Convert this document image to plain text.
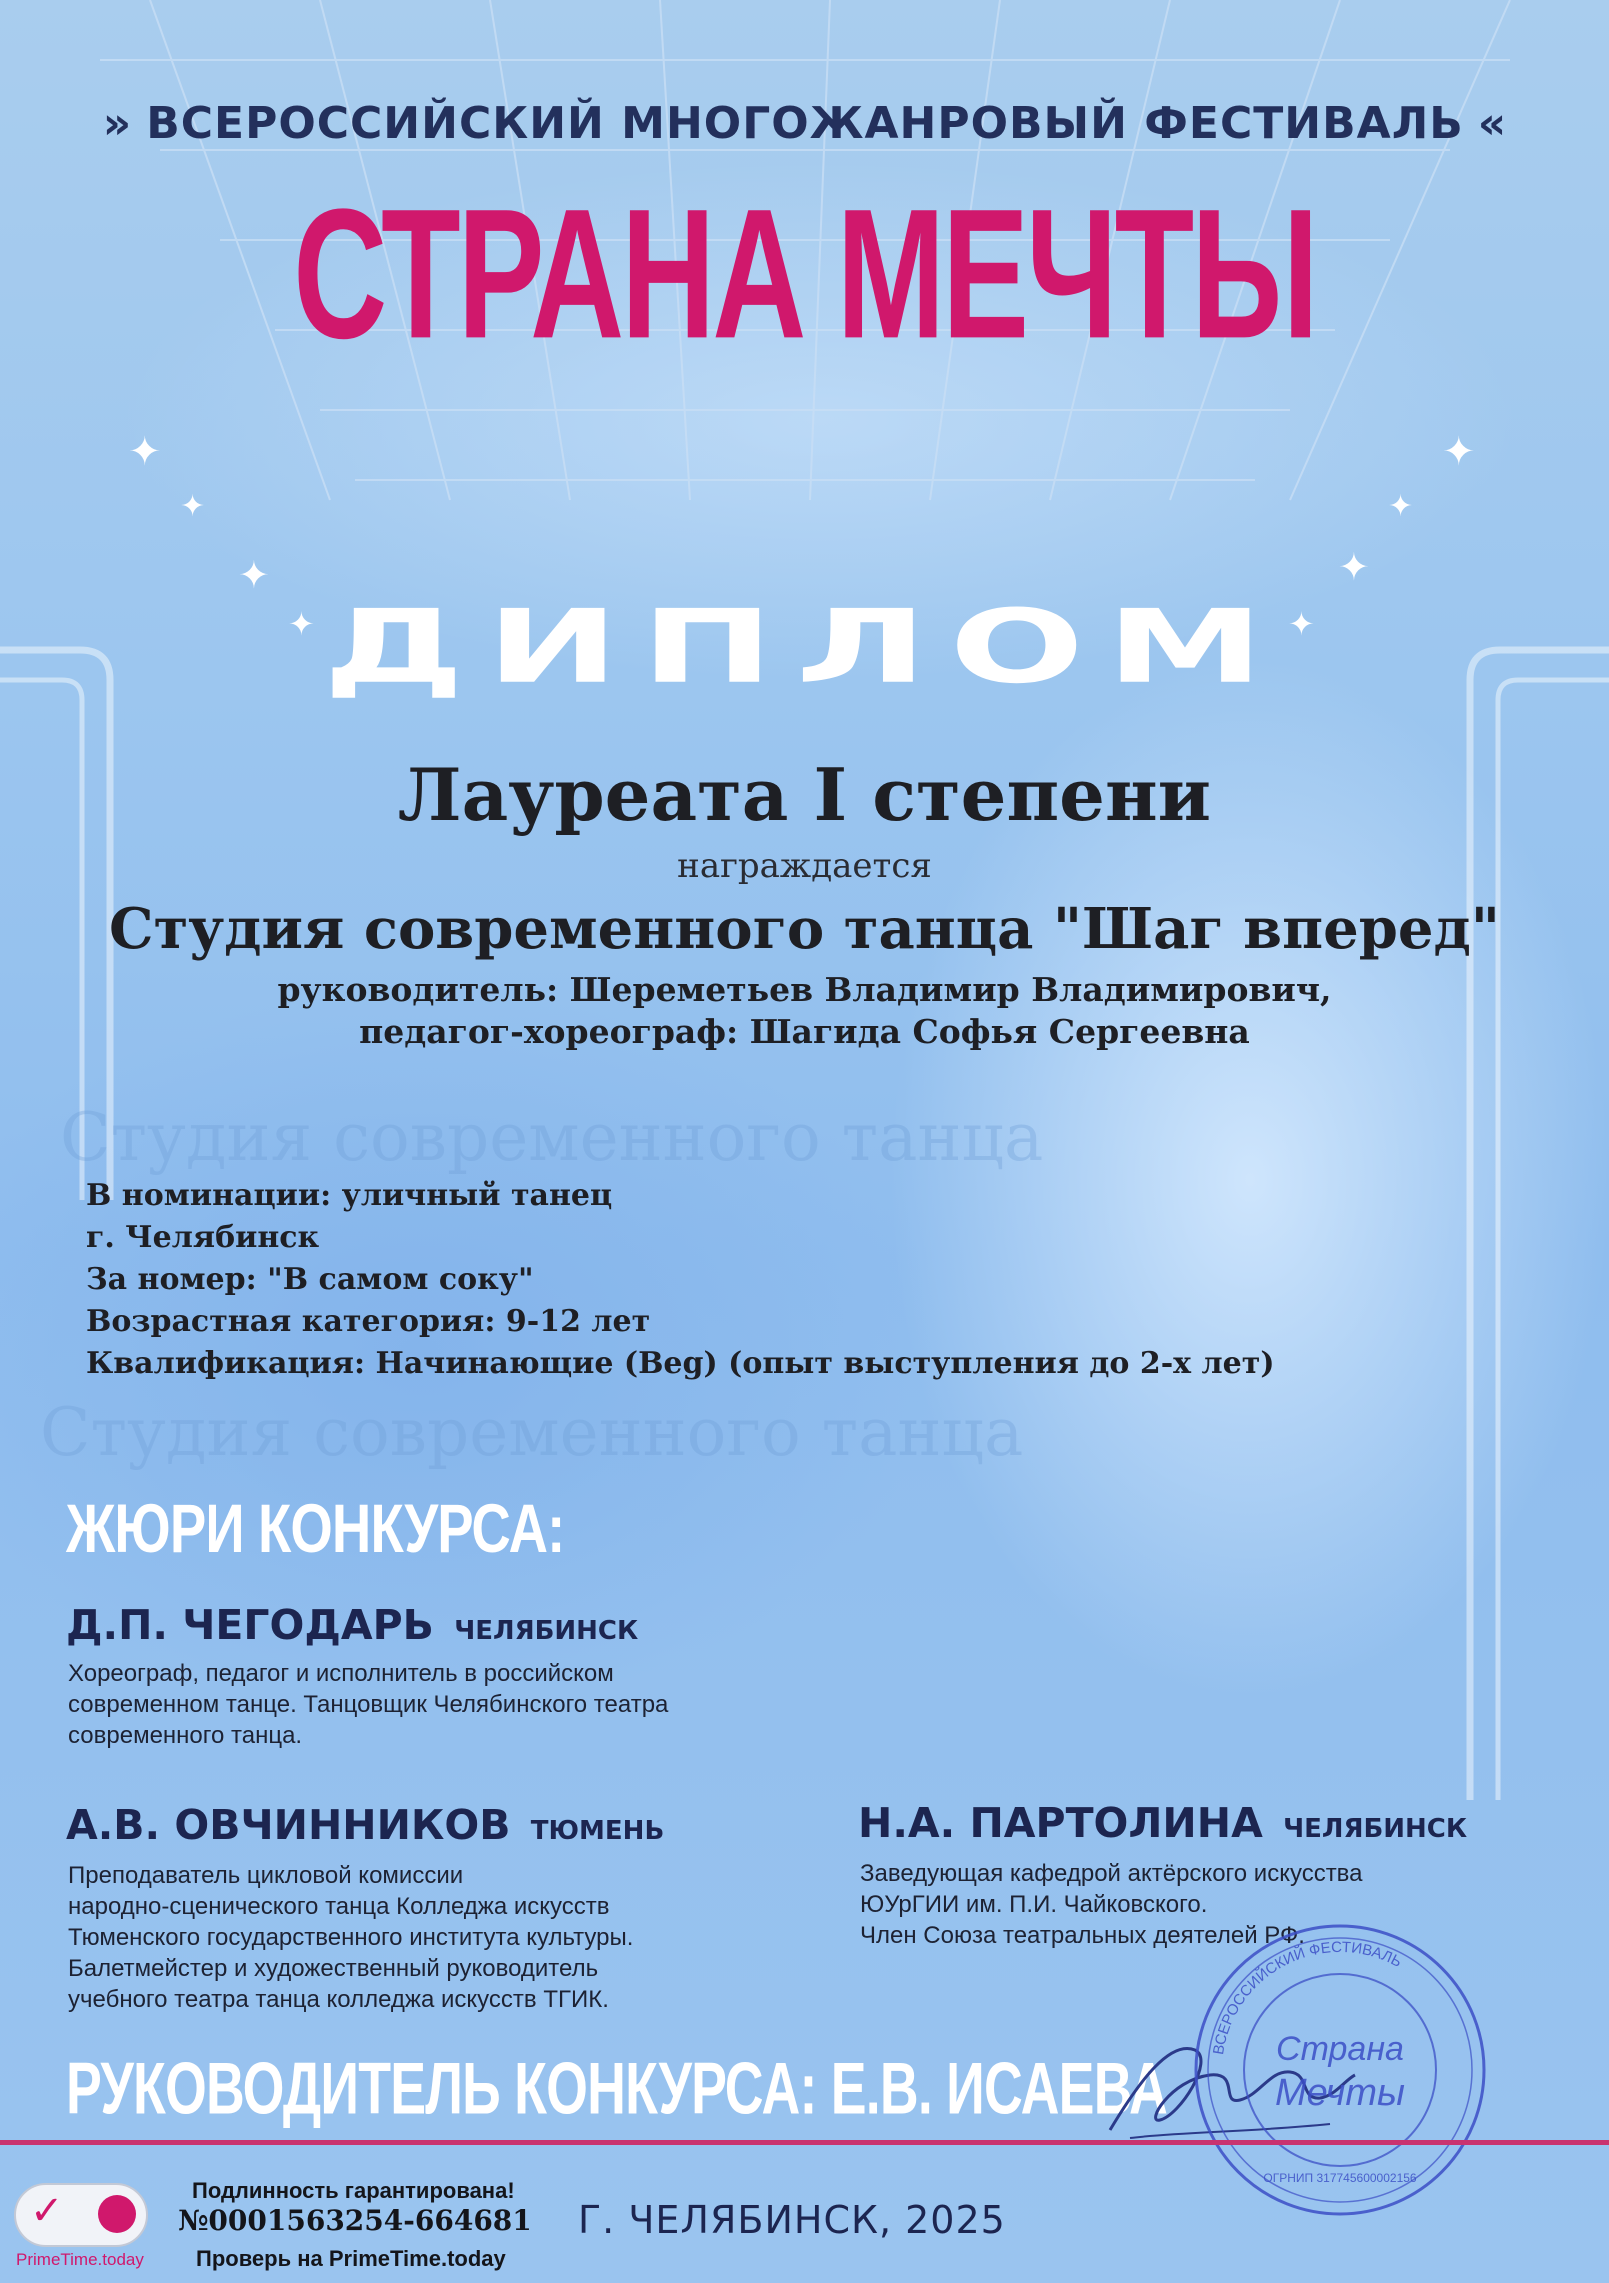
Студия современного танца
Студия современного танца
✦
✦
✦
✦
✦
✦
✦
✦
» ВСЕРОССИЙСКИЙ МНОГОЖАНРОВЫЙ ФЕСТИВАЛЬ «
СТРАНА МЕЧТЫ
ДИПЛОМ
Лауреата I степени
награждается
Студия современного танца "Шаг вперед"
руководитель: Шереметьев Владимир Владимирович,
педагог-хореограф: Шагида Софья Сергеевна
В номинации: уличный танец
г. Челябинск
За номер: "В самом соку"
Возрастная категория: 9-12 лет
Квалификация: Начинающие (Beg) (опыт выступления до 2-х лет)
ЖЮРИ КОНКУРСА:
Д.П. ЧЕГОДАРЬ ЧЕЛЯБИНСК
Хореограф, педагог и исполнитель в российском
современном танце. Танцовщик Челябинского театра
современного танца.
А.В. ОВЧИННИКОВ ТЮМЕНЬ
Преподаватель цикловой комиссии
народно-сценического танца Колледжа искусств
Тюменского государственного института культуры.
Балетмейстер и художественный руководитель
учебного театра танца колледжа искусств ТГИК.
Н.А. ПАРТОЛИНА ЧЕЛЯБИНСК
Заведующая кафедрой актёрского искусства
ЮУрГИИ им. П.И. Чайковского.
Член Союза театральных деятелей РФ.
РУКОВОДИТЕЛЬ КОНКУРСА: Е.В. ИСАЕВА	ВСЕРОССИЙСКИЙ ФЕСТИВАЛЬ
Страна
Мечты
ОГРНИП 317745600002156
✓
PrimeTime.today
Подлинность гарантирована!
№0001563254-664681
Проверь на PrimeTime.today
Г. ЧЕЛЯБИНСК, 2025
